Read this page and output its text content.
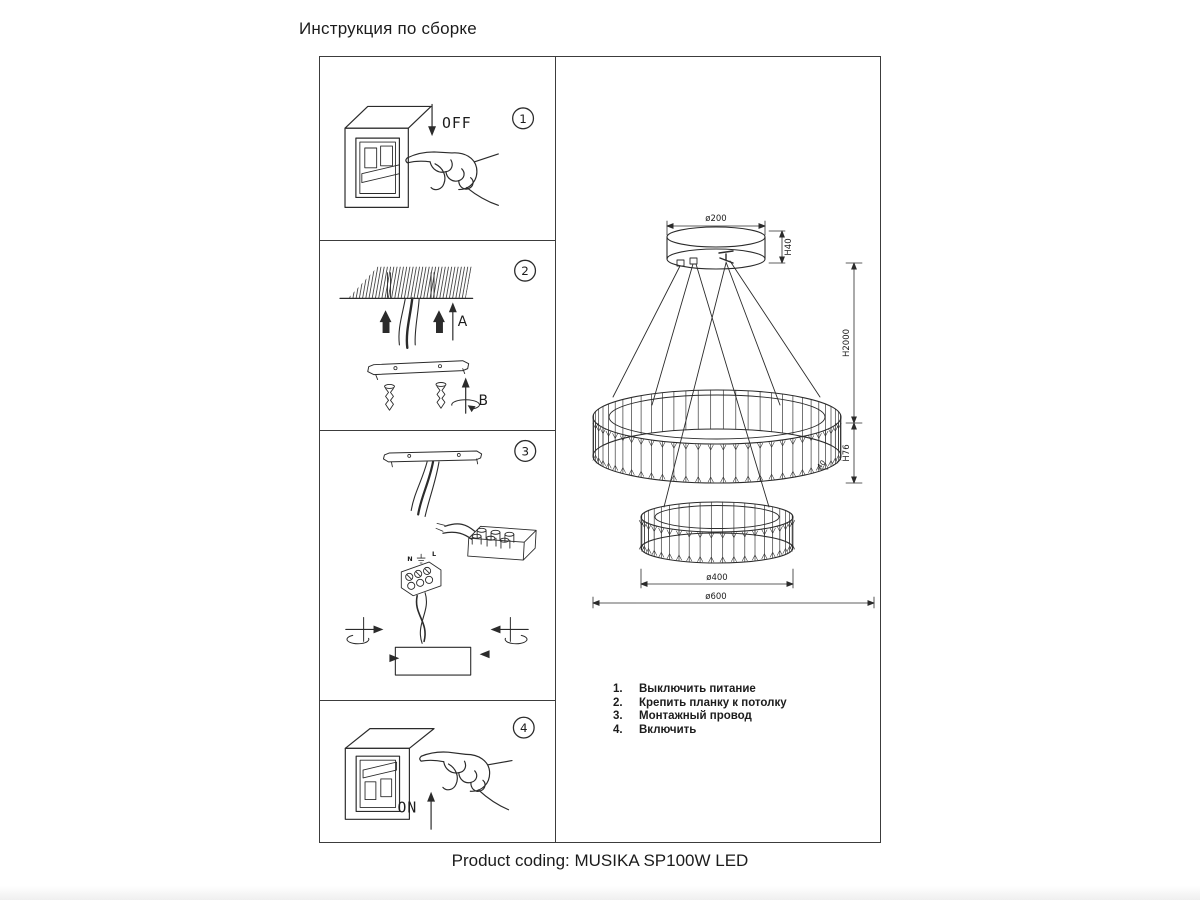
Инструкция по сборке
OFF	1
A
B
2
N
L
3
ON
4
ø200
H40
H2000
H76
40
ø400
ø600
1.	Выключить питание
2.	Крепить планку к потолку
3.	Монтажный провод
4.	Включить
Product coding: MUSIKA SP100W LED
